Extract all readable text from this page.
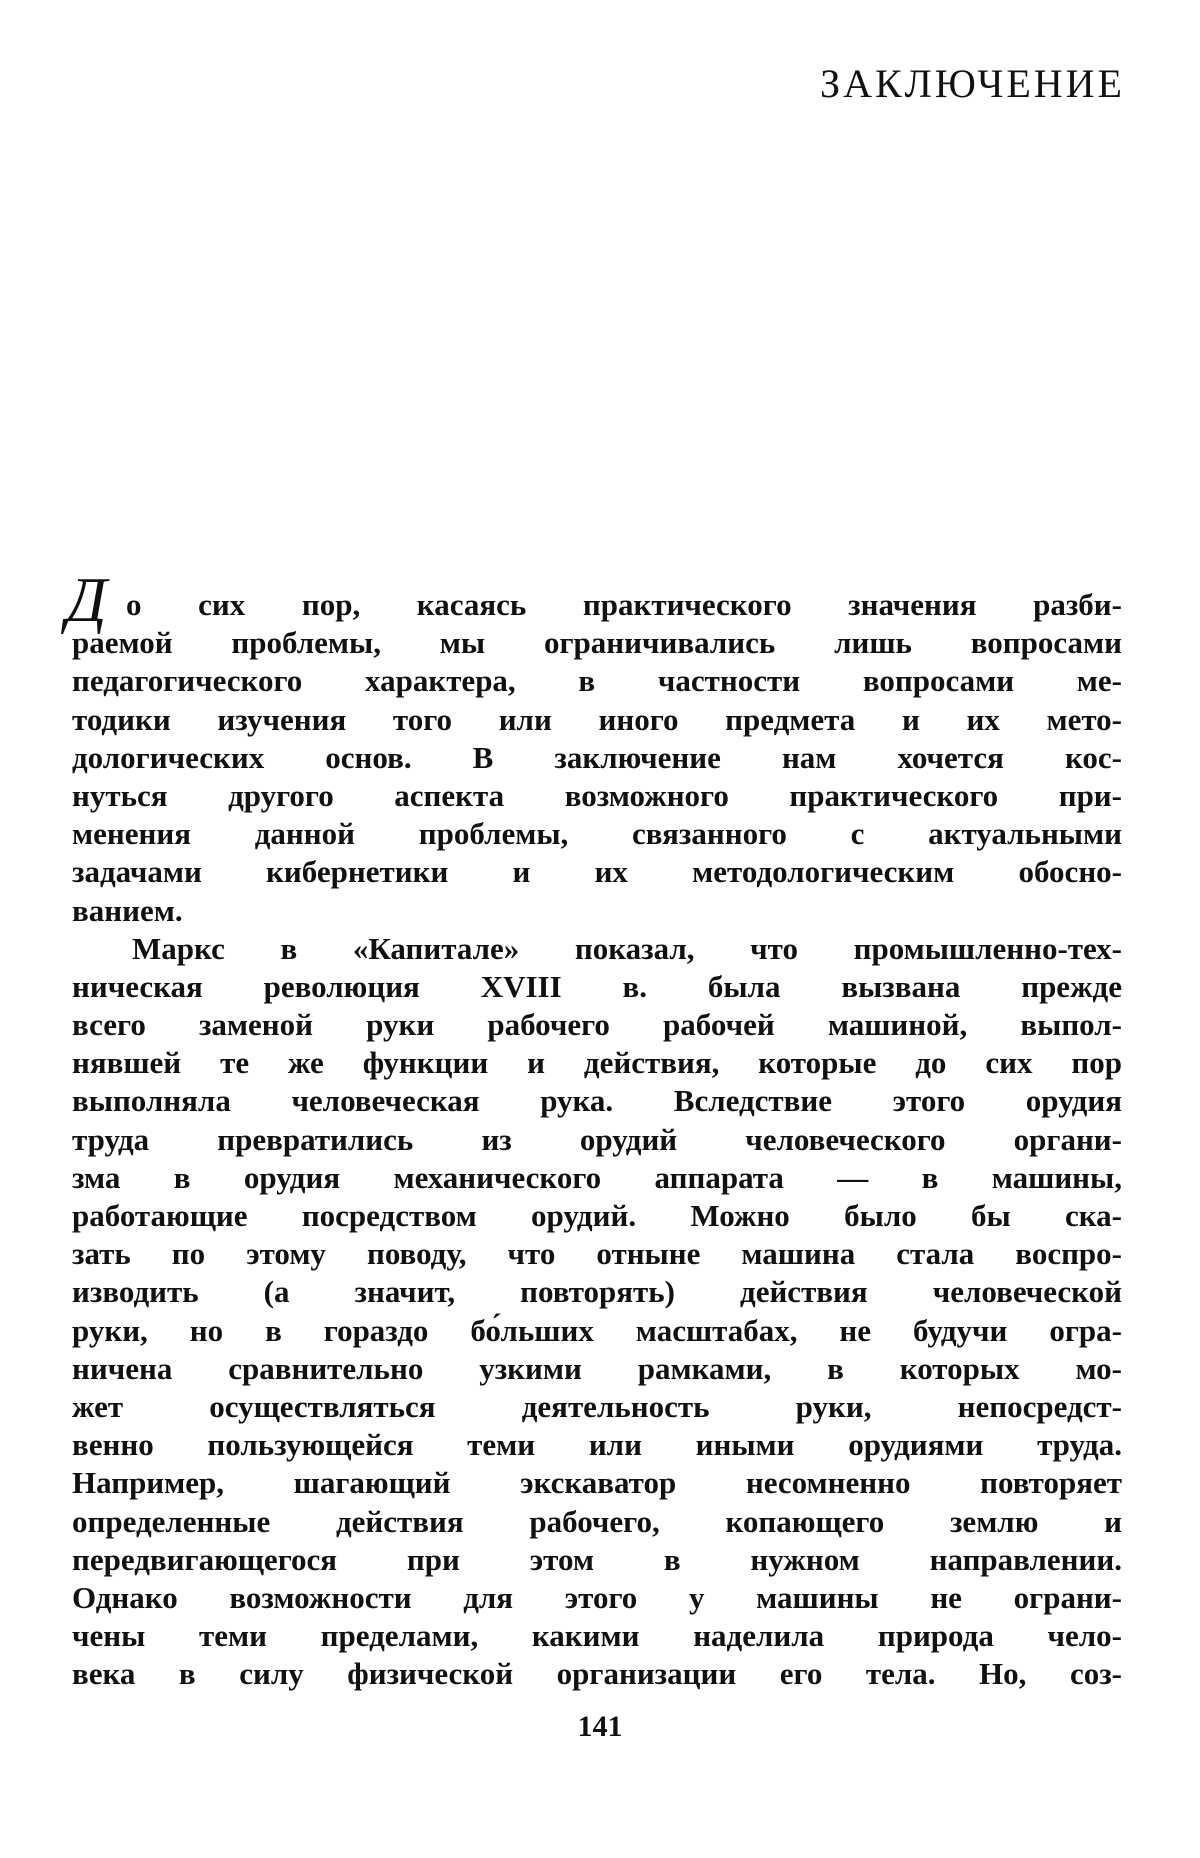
ЗАКЛЮЧЕНИЕ
Д о сих пор, касаясь практического значения разби-
раемой проблемы, мы ограничивались лишь вопросами
педагогического характера, в частности вопросами ме-
тодики изучения того или иного предмета и их мето-
дологических основ. В заключение нам хочется кос-
нуться другого аспекта возможного практического при-
менения данной проблемы, связанного с актуальными
задачами кибернетики и их методологическим обосно-
ванием.
Маркс в «Капитале» показал, что промышленно-тех-
ническая революция XVIII в. была вызвана прежде
всего заменой руки рабочего рабочей машиной, выпол-
нявшей те же функции и действия, которые до сих пор
выполняла человеческая рука. Вследствие этого орудия
труда превратились из орудий человеческого органи-
зма в орудия механического аппарата — в машины,
работающие посредством орудий. Можно было бы ска-
зать по этому поводу, что отныне машина стала воспро-
изводить (а значит, повторять) действия человеческой
руки, но в гораздо бо́льших масштабах, не будучи огра-
ничена сравнительно узкими рамками, в которых мо-
жет осуществляться деятельность руки, непосредст-
венно пользующейся теми или иными орудиями труда.
Например, шагающий экскаватор несомненно повторяет
определенные действия рабочего, копающего землю и
передвигающегося при этом в нужном направлении.
Однако возможности для этого у машины не ограни-
чены теми пределами, какими наделила природа чело-
века в силу физической организации его тела. Но, соз-
141
